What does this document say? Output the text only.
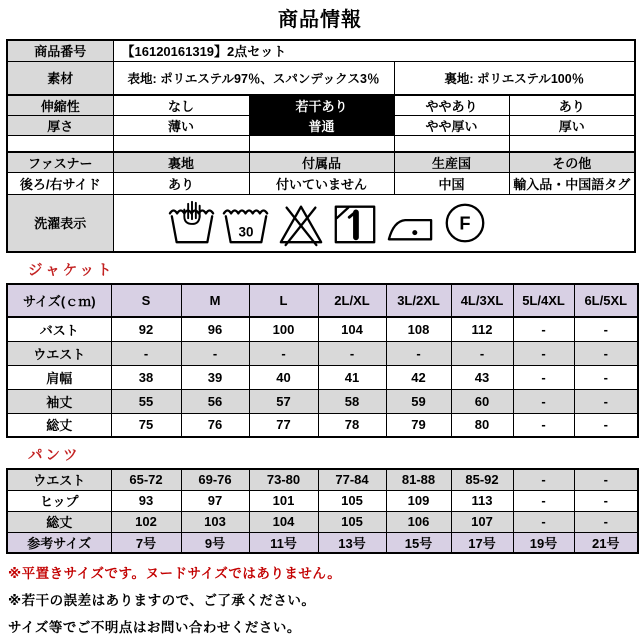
商品情報
商品番号	【16120161319】2点セット			
素材	表地: ポリエステル97％、スパンデックス3％		裏地: ポリエステル100％	
伸縮性	なし	若干あり	ややあり	あり
厚さ	薄い	普通	やや厚い	厚い

ファスナー	裏地	付属品	生産国	その他
後ろ/右サイド	あり	付いていません	中国	輸入品・中国語タグ
洗濯表示	30
F			
ジャケット
サイズ(ｃｍ)	S	M	L	2L/XL	3L/2XL	4L/3XL	5L/4XL	6L/5XL
バスト	92	96	100	104	108	112	-	-
ウエスト	-	-	-	-	-	-	-	-
肩幅	38	39	40	41	42	43	-	-
袖丈	55	56	57	58	59	60	-	-
総丈	75	76	77	78	79	80	-	-
パンツ
ウエスト	65-72	69-76	73-80	77-84	81-88	85-92	-	-
ヒップ	93	97	101	105	109	113	-	-
総丈	102	103	104	105	106	107	-	-
参考サイズ	7号	9号	11号	13号	15号	17号	19号	21号
※平置きサイズです。ヌードサイズではありません。
※若干の誤差はありますので、ご了承ください。
サイズ等でご不明点はお問い合わせください。
